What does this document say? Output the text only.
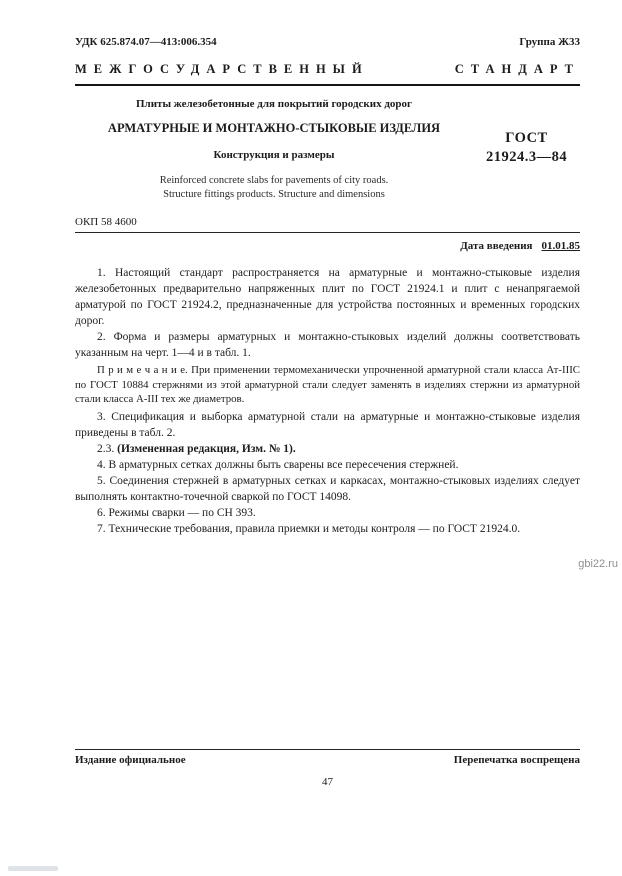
УДК 625.874.07—413:006.354	Группа Ж33
МЕЖГОСУДАРСТВЕННЫЙ	СТАНДАРТ
Плиты железобетонные для покрытий городских дорог
АРМАТУРНЫЕ И МОНТАЖНО-СТЫКОВЫЕ ИЗДЕЛИЯ
Конструкция и размеры
Reinforced concrete slabs for pavements of city roads.
Structure fittings products. Structure and dimensions
ГОСТ
21924.3—84
ОКП 58 4600
Дата введения 01.01.85

1. Настоящий стандарт распространяется на арматурные и монтажно-стыковые изделия железобетонных предварительно напряженных плит по ГОСТ 21924.1 и плит с ненапрягаемой арматурой по ГОСТ 21924.2, предназначенные для устройства постоянных и временных городских дорог.

2. Форма и размеры арматурных и монтажно-стыковых изделий должны соответствовать указанным на черт. 1—4 и в табл. 1.

П р и м е ч а н и е. При применении термомеханически упрочненной арматурной стали класса Ат-IIIС по ГОСТ 10884 стержнями из этой арматурной стали следует заменять в изделиях стержни из арматурной стали класса А-III тех же диаметров.

3. Спецификация и выборка арматурной стали на арматурные и монтажно-стыковые изделия приведены в табл. 2.

2.3. (Измененная редакция, Изм. № 1).

4. В арматурных сетках должны быть сварены все пересечения стержней.

5. Соединения стержней в арматурных сетках и каркасах, монтажно-стыковых изделиях следует выполнять контактно-точечной сваркой по ГОСТ 14098.

6. Режимы сварки — по СН 393.

7. Технические требования, правила приемки и методы контроля — по ГОСТ 21924.0.

gbi22.ru
Издание официальное	Перепечатка воспрещена
47
